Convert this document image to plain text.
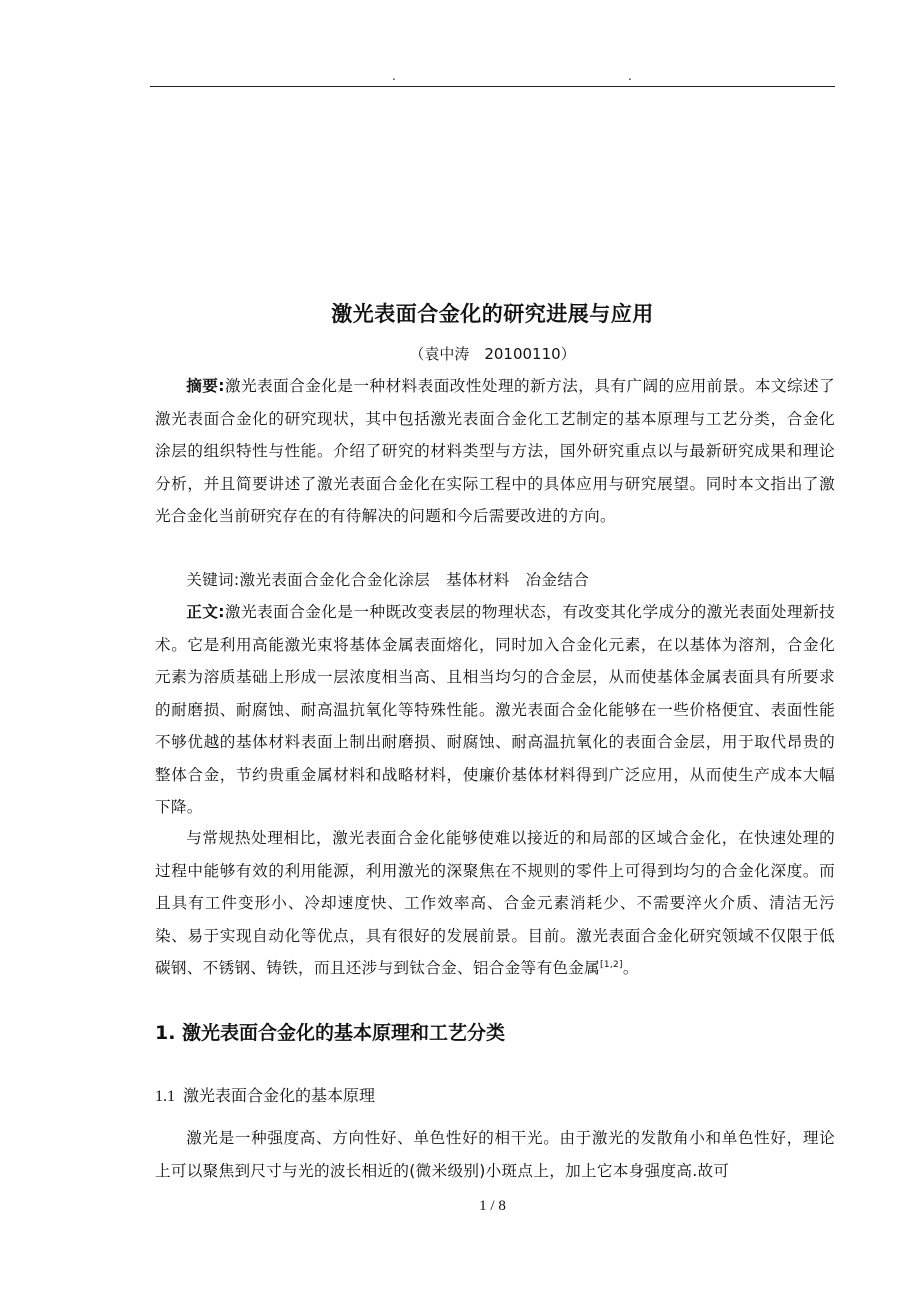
.	.
激光表面合金化的研究进展与应用
（袁中涛　20100110）

摘要:激光表面合金化是一种材料表面改性处理的新方法，具有广阔的应用前景。本文综述了激光表面合金化的研究现状，其中包括激光表面合金化工艺制定的基本原理与工艺分类，合金化涂层的组织特性与性能。介绍了研究的材料类型与方法，国外研究重点以与最新研究成果和理论分析，并且简要讲述了激光表面合金化在实际工程中的具体应用与研究展望。同时本文指出了激光合金化当前研究存在的有待解决的问题和今后需要改进的方向。

关键词:激光表面合金化合金化涂层　基体材料　冶金结合

正文:激光表面合金化是一种既改变表层的物理状态，有改变其化学成分的激光表面处理新技术。它是利用高能激光束将基体金属表面熔化，同时加入合金化元素，在以基体为溶剂，合金化元素为溶质基础上形成一层浓度相当高、且相当均匀的合金层，从而使基体金属表面具有所要求的耐磨损、耐腐蚀、耐高温抗氧化等特殊性能。激光表面合金化能够在一些价格便宜、表面性能不够优越的基体材料表面上制出耐磨损、耐腐蚀、耐高温抗氧化的表面合金层，用于取代昂贵的整体合金，节约贵重金属材料和战略材料，使廉价基体材料得到广泛应用，从而使生产成本大幅下降。

与常规热处理相比，激光表面合金化能够使难以接近的和局部的区域合金化，在快速处理的过程中能够有效的利用能源，利用激光的深聚焦在不规则的零件上可得到均匀的合金化深度。而且具有工件变形小、冷却速度快、工作效率高、合金元素消耗少、不需要淬火介质、清洁无污染、易于实现自动化等优点，具有很好的发展前景。目前。激光表面合金化研究领域不仅限于低碳钢、不锈钢、铸铁，而且还涉与到钛合金、铝合金等有色金属[1,2]。

1. 激光表面合金化的基本原理和工艺分类
1.1 激光表面合金化的基本原理

激光是一种强度高、方向性好、单色性好的相干光。由于激光的发散角小和单色性好，理论上可以聚焦到尺寸与光的波长相近的(微米级别)小斑点上，加上它本身强度高.故可

1 / 8
